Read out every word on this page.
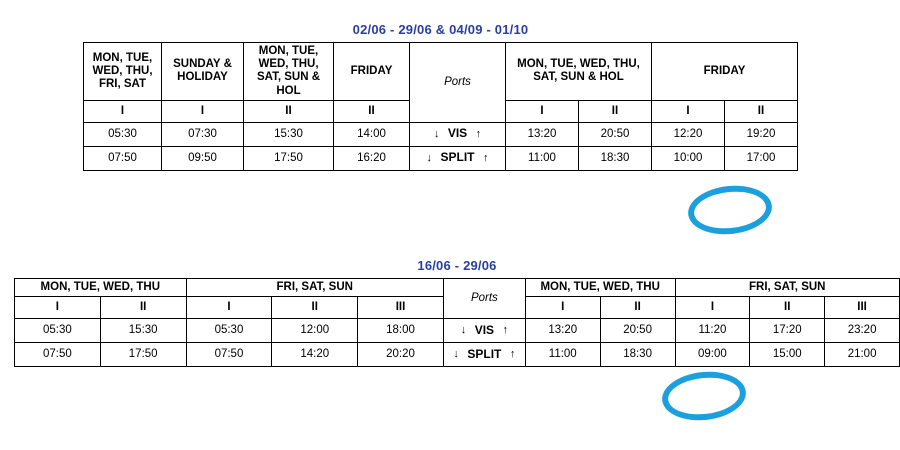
02/06 - 29/06 & 04/09 - 01/10
MON, TUE, WED, THU, FRI, SAT	SUNDAY & HOLIDAY	MON, TUE, WED, THU, SAT, SUN & HOL	FRIDAY	Ports	MON, TUE, WED, THU, SAT, SUN & HOL		FRIDAY	
I	I	II	II		I	II	I	II
05:30	07:30	15:30	14:00	↓ VIS ↑	13:20	20:50	12:20	19:20
07:50	09:50	17:50	16:20	↓ SPLIT ↑	11:00	18:30	10:00	17:00
16/06 - 29/06
MON, TUE, WED, THU		FRI, SAT, SUN			Ports	MON, TUE, WED, THU		FRI, SAT, SUN		
I	II	I	II	III		I	II	I	II	III
05:30	15:30	05:30	12:00	18:00	↓ VIS ↑	13:20	20:50	11:20	17:20	23:20
07:50	17:50	07:50	14:20	20:20	↓ SPLIT ↑	11:00	18:30	09:00	15:00	21:00
